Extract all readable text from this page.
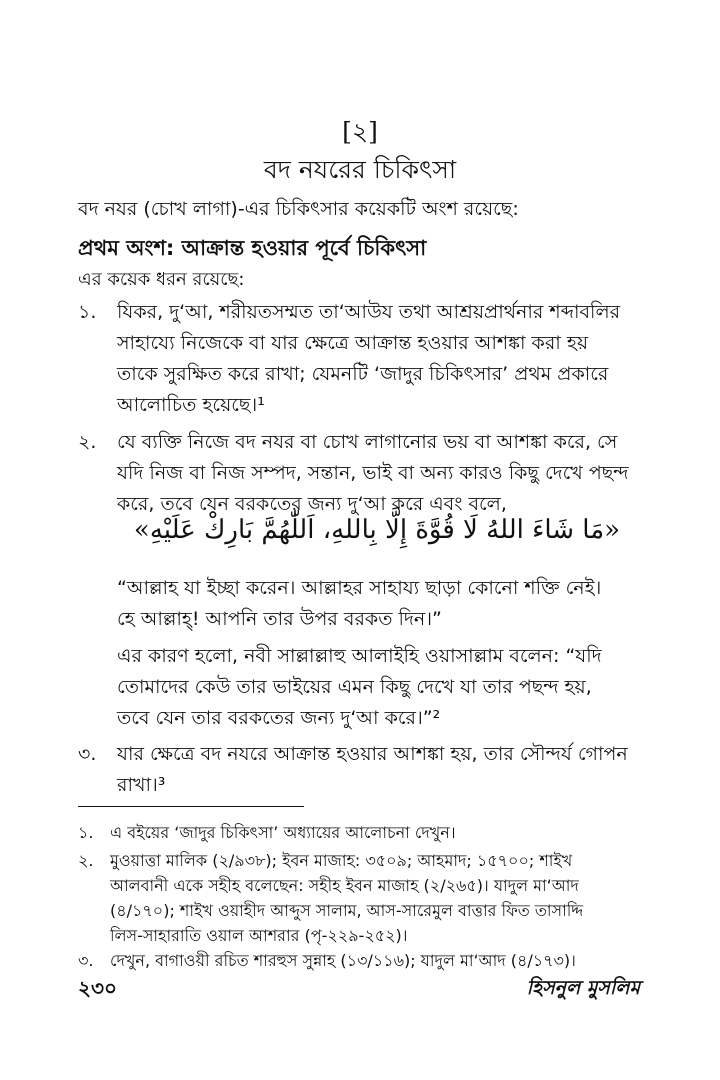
[২]
বদ নযরের চিকিৎসা
বদ নযর (চোখ লাগা)-এর চিকিৎসার কয়েকটি অংশ রয়েছে:
প্রথম অংশ: আক্রান্ত হওয়ার পূর্বে চিকিৎসা
এর কয়েক ধরন রয়েছে:
১. যিকর, দু‘আ, শরীয়তসম্মত তা‘আউয তথা আশ্রয়প্রার্থনার শব্দাবলির
সাহায্যে নিজেকে বা যার ক্ষেত্রে আক্রান্ত হওয়ার আশঙ্কা করা হয়
তাকে সুরক্ষিত করে রাখা; যেমনটি ‘জাদুর চিকিৎসার’ প্রথম প্রকারে
আলোচিত হয়েছে।¹
২. যে ব্যক্তি নিজে বদ নযর বা চোখ লাগানোর ভয় বা আশঙ্কা করে, সে
যদি নিজ বা নিজ সম্পদ, সন্তান, ভাই বা অন্য কারও কিছু দেখে পছন্দ
করে, তবে যেন বরকতের জন্য দু‘আ করে এবং বলে,
«مَا شَاءَ اللهُ لَا قُوَّةَ إِلَّا بِاللهِ، اَللّٰهُمَّ بَارِكْ عَلَيْهِ»
“আল্লাহ যা ইচ্ছা করেন। আল্লাহর সাহায্য ছাড়া কোনো শক্তি নেই।
হে আল্লাহ্! আপনি তার উপর বরকত দিন।”
এর কারণ হলো, নবী সাল্লাল্লাহু আলাইহি ওয়াসাল্লাম বলেন: “যদি
তোমাদের কেউ তার ভাইয়ের এমন কিছু দেখে যা তার পছন্দ হয়,
তবে যেন তার বরকতের জন্য দু‘আ করে।”²
৩. যার ক্ষেত্রে বদ নযরে আক্রান্ত হওয়ার আশঙ্কা হয়, তার সৌন্দর্য গোপন
রাখা।³
১. এ বইয়ের ‘জাদুর চিকিৎসা’ অধ্যায়ের আলোচনা দেখুন।
২. মুওয়াত্তা মালিক (২/৯৩৮); ইবন মাজাহ: ৩৫০৯; আহমাদ; ১৫৭০০; শাইখ
আলবানী একে সহীহ বলেছেন: সহীহ ইবন মাজাহ (২/২৬৫)। যাদুল মা‘আদ
(৪/১৭০); শাইখ ওয়াহীদ আব্দুস সালাম, আস-সারেমুল বাত্তার ফিত তাসাদ্দি
লিস-সাহারাতি ওয়াল আশরার (পৃ-২২৯-২৫২)।
৩. দেখুন, বাগাওয়ী রচিত শারহুস সুন্নাহ (১৩/১১৬); যাদুল মা‘আদ (৪/১৭৩)।
২৩০	হিসনুল মুসলিম
